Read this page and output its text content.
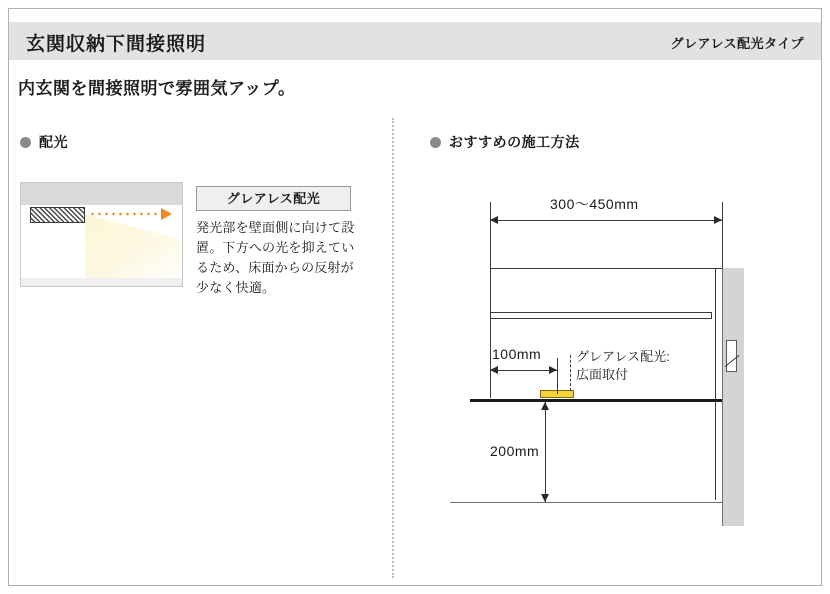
玄関収納下間接照明	グレアレス配光タイプ
内玄関を間接照明で雰囲気アップ。
配光	おすすめの施工方法
グレアレス配光
発光部を壁面側に向けて設置。下方への光を抑えているため、床面からの反射が少なく快適。
300〜450mm
100mm	グレアレス配光:
広面取付
200mm
